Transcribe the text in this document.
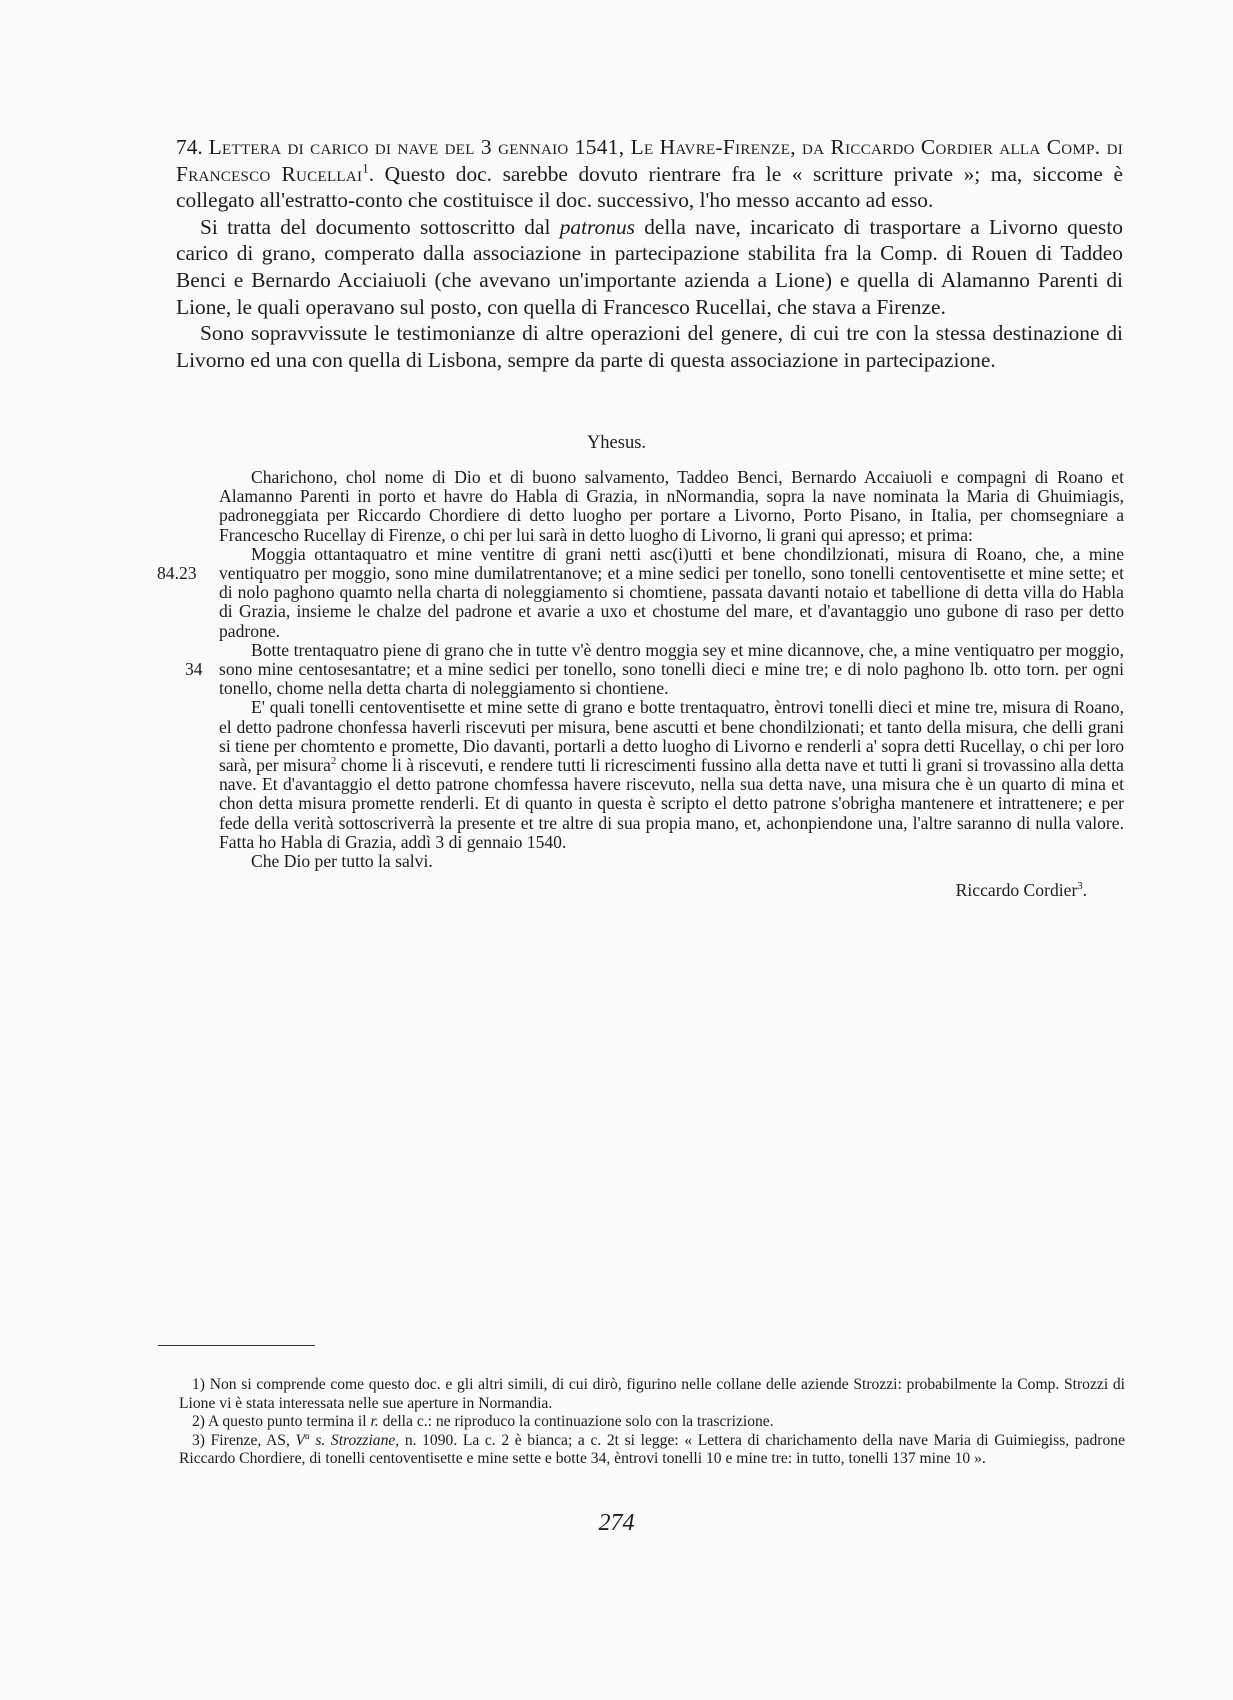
74. Lettera di carico di nave del 3 gennaio 1541, Le Havre-Firenze, da Riccardo Cordier alla Comp. di Francesco Rucellai$^1$. Questo doc. sarebbe dovuto rientrare fra le « scritture private »; ma, siccome è collegato all'estratto-conto che costituisce il doc. successivo, l'ho messo accanto ad esso.

Si tratta del documento sottoscritto dal patronus della nave, incaricato di trasportare a Livorno questo carico di grano, comperato dalla associazione in partecipazione stabilita fra la Comp. di Rouen di Taddeo Benci e Bernardo Acciaiuoli (che avevano un'importante azienda a Lione) e quella di Alamanno Parenti di Lione, le quali operavano sul posto, con quella di Francesco Rucellai, che stava a Firenze.

Sono sopravvissute le testimonianze di altre operazioni del genere, di cui tre con la stessa destinazione di Livorno ed una con quella di Lisbona, sempre da parte di questa associazione in partecipazione.

Yhesus.

Charichono, chol nome di Dio et di buono salvamento, Taddeo Benci, Bernardo Accaiuoli e compagni di Roano et Alamanno Parenti in porto et havre do Habla di Grazia, in nNormandia, sopra la nave nominata la Maria di Ghuimiagis, padroneggiata per Riccardo Chordiere di detto luogho per portare a Livorno, Porto Pisano, in Italia, per chomsegniare a Francescho Rucellay di Firenze, o chi per lui sarà in detto luogho di Livorno, li grani qui apresso; et prima:

Moggia ottantaquatro et mine ventitre di grani netti asc(i)utti et bene chondilzionati, misura di Roano, che, a mine ventiquatro per moggio, sono mine dumilatrentanove; et a mine sedici per tonello, sono tonelli centoventisette et mine sette; et di nolo paghono quamto nella charta di noleggiamento si chomtiene, passata davanti notaio et tabellione di detta villa do Habla di Grazia, insieme le chalze del padrone et avarie a uxo et chostume del mare, et d'avantaggio uno gubone di raso per detto padrone.

Botte trentaquatro piene di grano che in tutte v'è dentro moggia sey et mine dicannove, che, a mine ventiquatro per moggio, sono mine centosesantatre; et a mine sedici per tonello, sono tonelli dieci e mine tre; e di nolo paghono lb. otto torn. per ogni tonello, chome nella detta charta di noleggiamento si chontiene.

E' quali tonelli centoventisette et mine sette di grano e botte trentaquatro, èntrovi tonelli dieci et mine tre, misura di Roano, el detto padrone chonfessa haverli riscevuti per misura, bene ascutti et bene chondilzionati; et tanto della misura, che delli grani si tiene per chomtento e promette, Dio davanti, portarli a detto luogho di Livorno e renderli a' sopra detti Rucellay, o chi per loro sarà, per misura$^2$ chome li à riscevuti, e rendere tutti li ricrescimenti fussino alla detta nave et tutti li grani si trovassino alla detta nave. Et d'avantaggio el detto patrone chomfessa havere riscevuto, nella sua detta nave, una misura che è un quarto di mina et chon detta misura promette renderli. Et di quanto in questa è scripto el detto patrone s'obrigha mantenere et intrattenere; e per fede della verità sottoscriverrà la presente et tre altre di sua propia mano, et, achonpiendone una, l'altre saranno di nulla valore. Fatta ho Habla di Grazia, addì 3 di gennaio 1540.

Che Dio per tutto la salvi.

84.23
34
Riccardo Cordier$^3$.

1) Non si comprende come questo doc. e gli altri simili, di cui dirò, figurino nelle collane delle aziende Strozzi: probabilmente la Comp. Strozzi di Lione vi è stata interessata nelle sue aperture in Normandia.

2) A questo punto termina il r. della c.: ne riproduco la continuazione solo con la trascrizione.

3) Firenze, AS, $V^a$ s. Strozziane, n. 1090. La c. 2 è bianca; a c. 2t si legge: « Lettera di charichamento della nave Maria di Guimiegiss, padrone Riccardo Chordiere, di tonelli centoventisette e mine sette e botte 34, èntrovi tonelli 10 e mine tre: in tutto, tonelli 137 mine 10 ».

274
